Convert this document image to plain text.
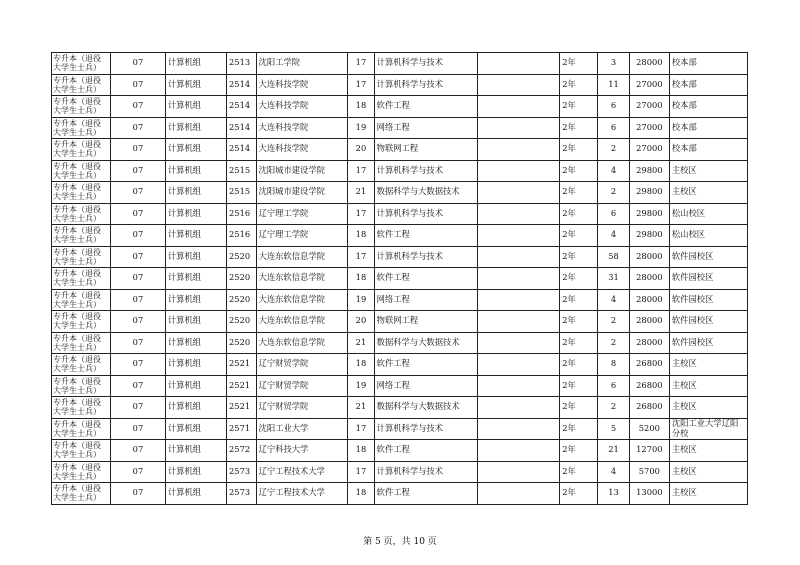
专升本（退役大学生士兵）	07	计算机组	2513	沈阳工学院	17	计算机科学与技术		2年	3	28000	校本部
专升本（退役大学生士兵）	07	计算机组	2514	大连科技学院	17	计算机科学与技术		2年	11	27000	校本部
专升本（退役大学生士兵）	07	计算机组	2514	大连科技学院	18	软件工程		2年	6	27000	校本部
专升本（退役大学生士兵）	07	计算机组	2514	大连科技学院	19	网络工程		2年	6	27000	校本部
专升本（退役大学生士兵）	07	计算机组	2514	大连科技学院	20	物联网工程		2年	2	27000	校本部
专升本（退役大学生士兵）	07	计算机组	2515	沈阳城市建设学院	17	计算机科学与技术		2年	4	29800	主校区
专升本（退役大学生士兵）	07	计算机组	2515	沈阳城市建设学院	21	数据科学与大数据技术		2年	2	29800	主校区
专升本（退役大学生士兵）	07	计算机组	2516	辽宁理工学院	17	计算机科学与技术		2年	6	29800	松山校区
专升本（退役大学生士兵）	07	计算机组	2516	辽宁理工学院	18	软件工程		2年	4	29800	松山校区
专升本（退役大学生士兵）	07	计算机组	2520	大连东软信息学院	17	计算机科学与技术		2年	58	28000	软件园校区
专升本（退役大学生士兵）	07	计算机组	2520	大连东软信息学院	18	软件工程		2年	31	28000	软件园校区
专升本（退役大学生士兵）	07	计算机组	2520	大连东软信息学院	19	网络工程		2年	4	28000	软件园校区
专升本（退役大学生士兵）	07	计算机组	2520	大连东软信息学院	20	物联网工程		2年	2	28000	软件园校区
专升本（退役大学生士兵）	07	计算机组	2520	大连东软信息学院	21	数据科学与大数据技术		2年	2	28000	软件园校区
专升本（退役大学生士兵）	07	计算机组	2521	辽宁财贸学院	18	软件工程		2年	8	26800	主校区
专升本（退役大学生士兵）	07	计算机组	2521	辽宁财贸学院	19	网络工程		2年	6	26800	主校区
专升本（退役大学生士兵）	07	计算机组	2521	辽宁财贸学院	21	数据科学与大数据技术		2年	2	26800	主校区
专升本（退役大学生士兵）	07	计算机组	2571	沈阳工业大学	17	计算机科学与技术		2年	5	5200	沈阳工业大学辽阳分校
专升本（退役大学生士兵）	07	计算机组	2572	辽宁科技大学	18	软件工程		2年	21	12700	主校区
专升本（退役大学生士兵）	07	计算机组	2573	辽宁工程技术大学	17	计算机科学与技术		2年	4	5700	主校区
专升本（退役大学生士兵）	07	计算机组	2573	辽宁工程技术大学	18	软件工程		2年	13	13000	主校区
第 5 页，共 10 页
